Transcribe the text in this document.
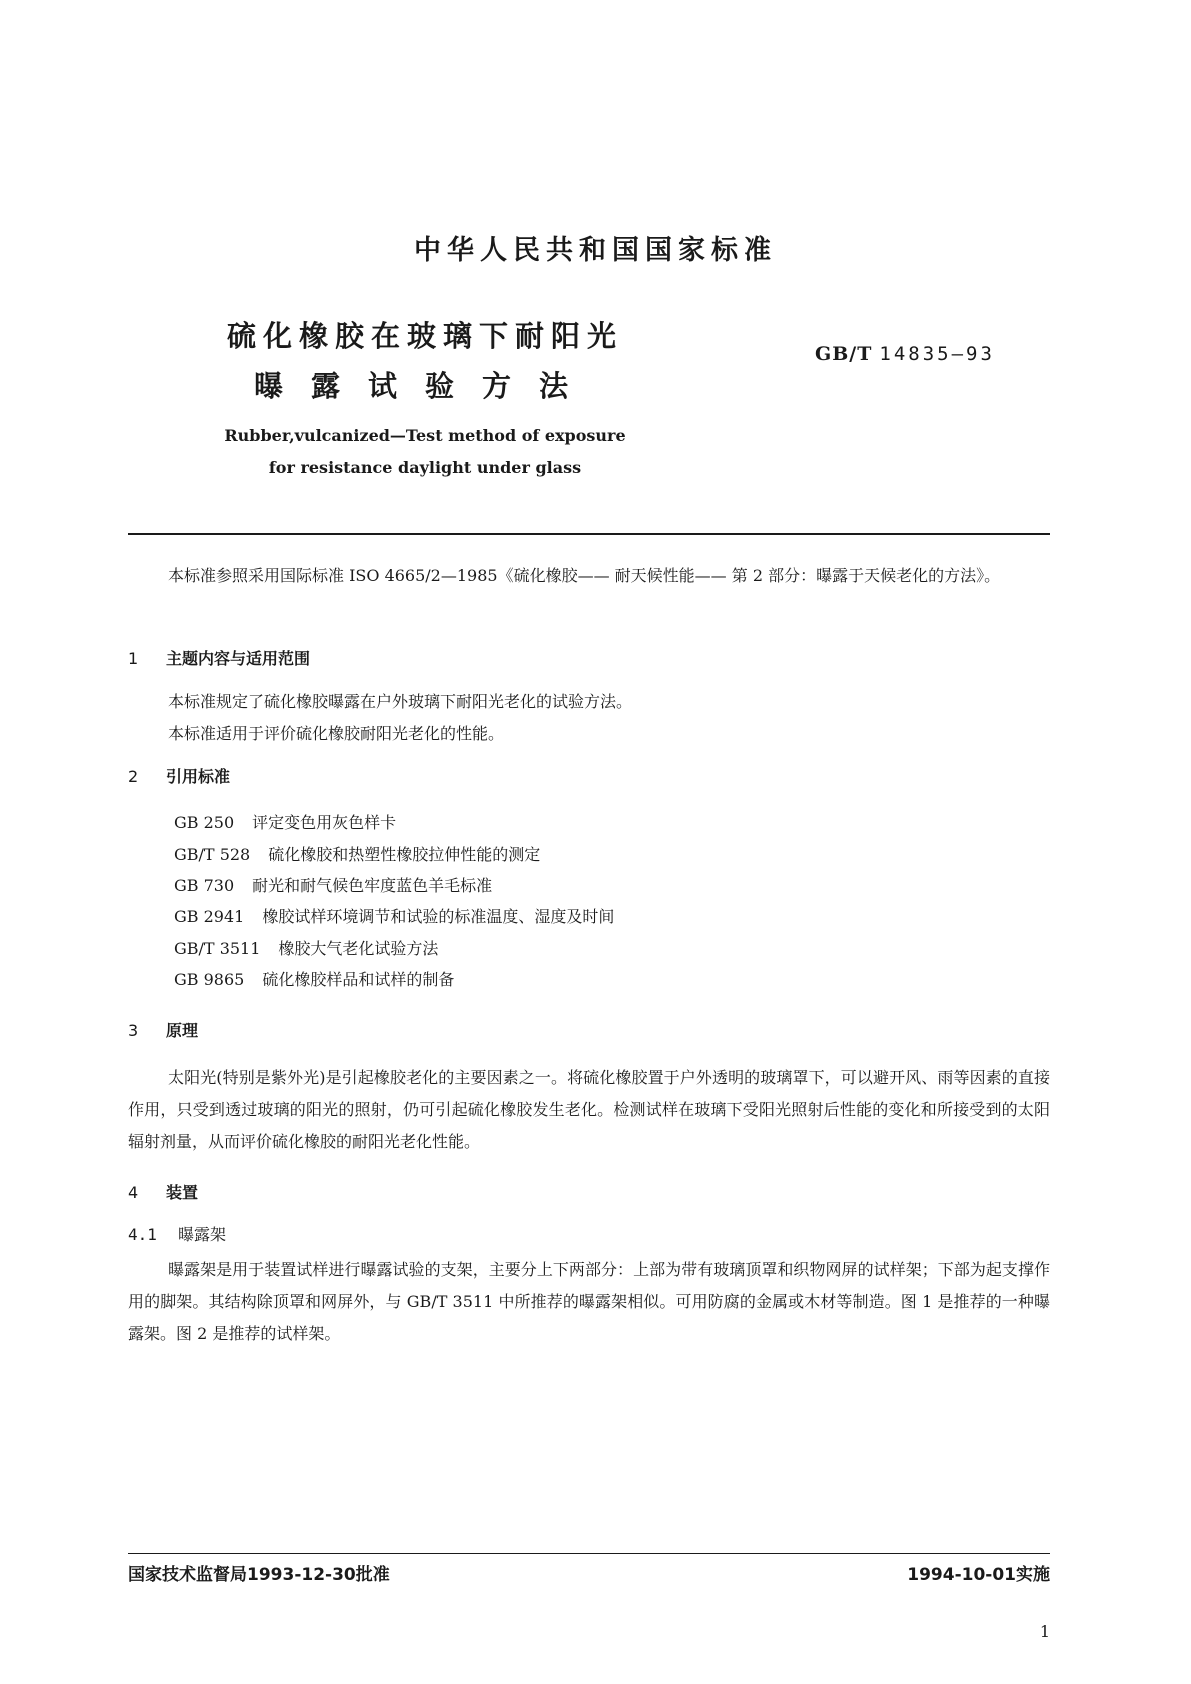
中华人民共和国国家标准
硫化橡胶在玻璃下耐阳光
曝露试验方法
GB/T 14835—93
Rubber,vulcanized—Test method of exposure
for resistance daylight under glass
本标准参照采用国际标准 ISO 4665/2—1985《硫化橡胶—— 耐天候性能—— 第 2 部分：曝露于天候老化的方法》。
1 主题内容与适用范围
本标准规定了硫化橡胶曝露在户外玻璃下耐阳光老化的试验方法。
本标准适用于评价硫化橡胶耐阳光老化的性能。
2 引用标准
GB 250 评定变色用灰色样卡
GB/T 528 硫化橡胶和热塑性橡胶拉伸性能的测定
GB 730 耐光和耐气候色牢度蓝色羊毛标准
GB 2941 橡胶试样环境调节和试验的标准温度、湿度及时间
GB/T 3511 橡胶大气老化试验方法
GB 9865 硫化橡胶样品和试样的制备
3 原理
太阳光(特别是紫外光)是引起橡胶老化的主要因素之一。将硫化橡胶置于户外透明的玻璃罩下，可以避开风、雨等因素的直接作用，只受到透过玻璃的阳光的照射，仍可引起硫化橡胶发生老化。检测试样在玻璃下受阳光照射后性能的变化和所接受到的太阳辐射剂量，从而评价硫化橡胶的耐阳光老化性能。
4 装置
4.1 曝露架
曝露架是用于装置试样进行曝露试验的支架，主要分上下两部分：上部为带有玻璃顶罩和织物网屏的试样架；下部为起支撑作用的脚架。其结构除顶罩和网屏外，与 GB/T 3511 中所推荐的曝露架相似。可用防腐的金属或木材等制造。图 1 是推荐的一种曝露架。图 2 是推荐的试样架。
国家技术监督局1993-12-30批准	1994-10-01实施
1
